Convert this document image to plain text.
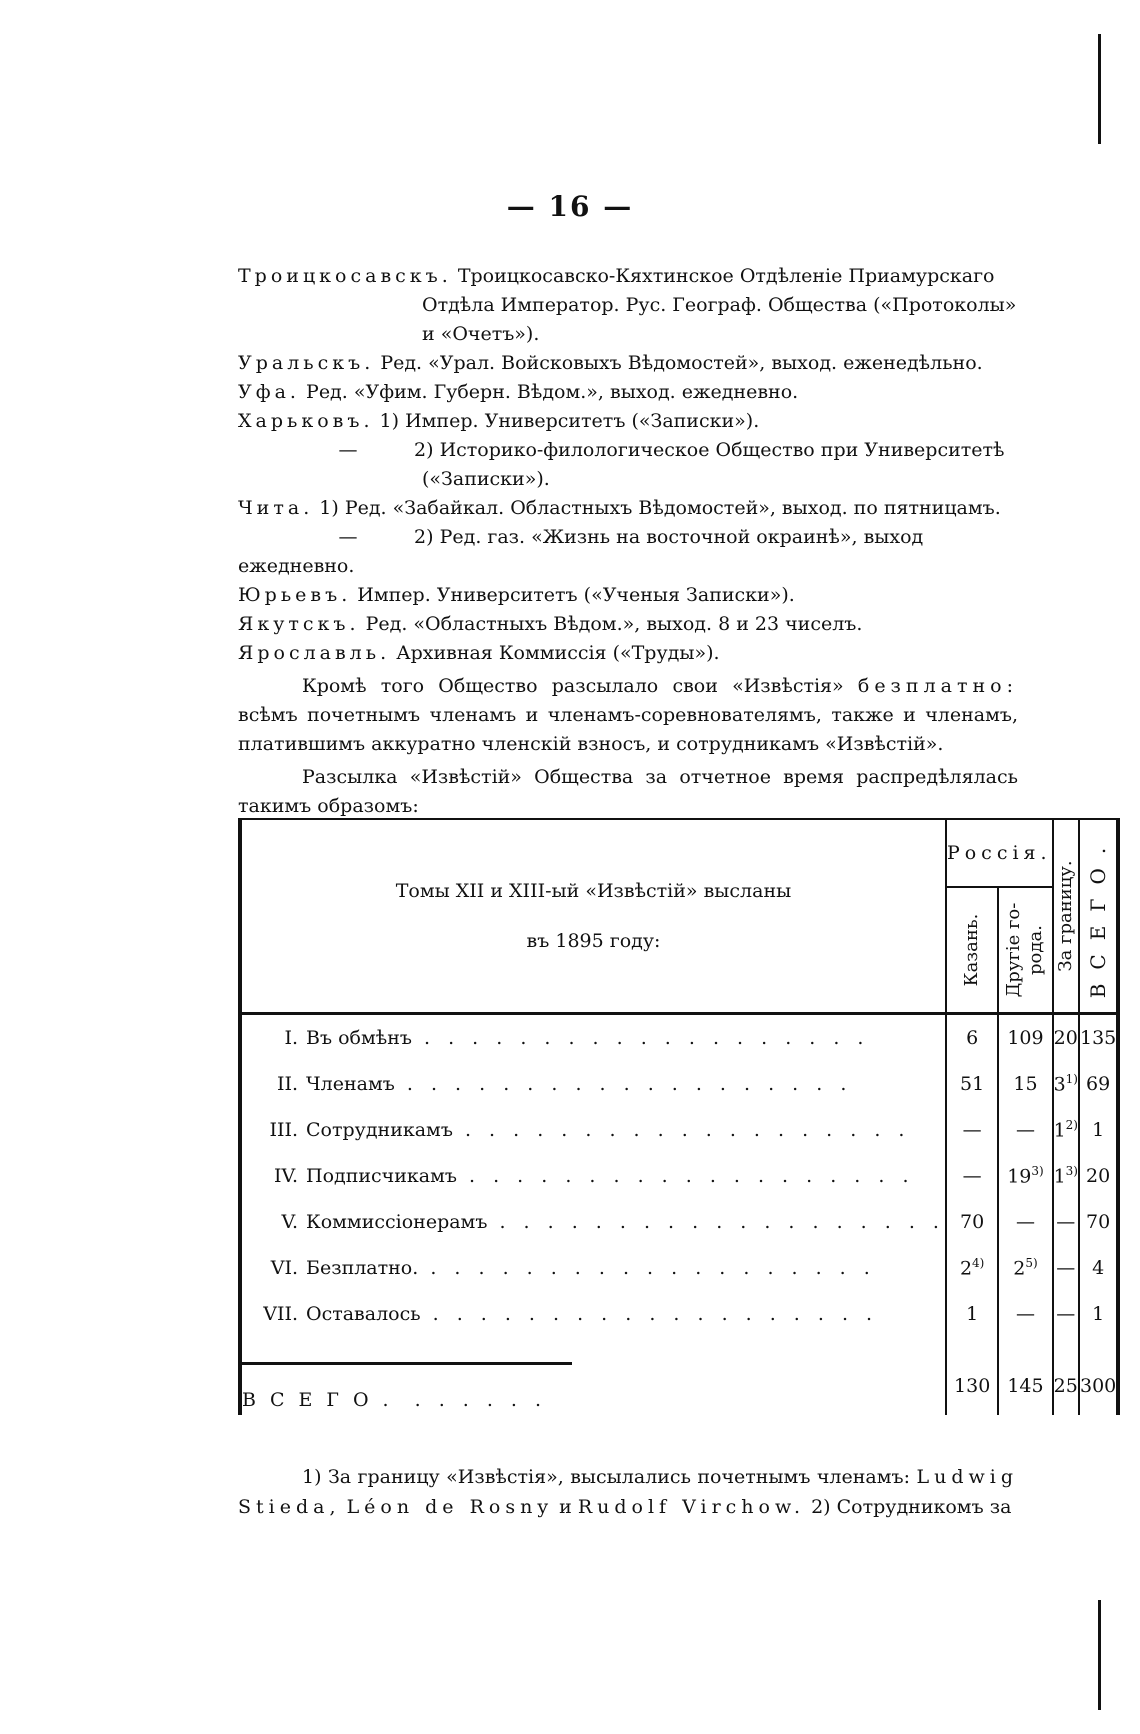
— 16 —
Троицкосавскъ. Троицкосавско-Кяхтинское Отдѣленіе Приамурскаго
Отдѣла Император. Рус. Географ. Общества («Протоколы»
и «Очетъ»).
Уральскъ. Ред. «Урал. Войсковыхъ Вѣдомостей», выход. еженедѣльно.
Уфа. Ред. «Уфим. Губерн. Вѣдом.», выход. ежедневно.
Харьковъ. 1) Импер. Университетъ («Записки»).
—	2) Историко-филологическое Общество при Университетѣ
(«Записки»).
Чита. 1) Ред. «Забайкал. Областныхъ Вѣдомостей», выход. по пятницамъ.
—	2) Ред. газ. «Жизнь на восточной окраинѣ», выход ежедневно.
Юрьевъ. Импер. Университетъ («Ученыя Записки»).
Якутскъ. Ред. «Областныхъ Вѣдом.», выход. 8 и 23 чиселъ.
Ярославль. Архивная Коммиссія («Труды»).

Кромѣ того Общество разсылало свои «Извѣстія» безплатно: всѣмъ почетнымъ членамъ и членамъ-соревнователямъ, также и членамъ, платившимъ аккуратно членскій взносъ, и сотрудникамъ «Извѣстій».

Разсылка «Извѣстій» Общества за отчетное время распредѣлялась такимъ образомъ:

Томы XII и XIII-ый «Извѣстій» высланы
въ 1895 году:	Россія.		За границу.	ВСЕГО.

	Казань.	Другіе го-
рода.		

I. Въ обмѣнъ . . . . . . . . . . . . . . . . . . .	6	109	20	135
II. Членамъ . . . . . . . . . . . . . . . . . . .	51	15	3$^{1)}$	69
III. Сотрудникамъ . . . . . . . . . . . . . . . . . . .	—	—	1$^{2)}$	1
IV. Подписчикамъ . . . . . . . . . . . . . . . . . . .	—	19$^{3)}$	1$^{3)}$	20
V. Коммиссіонерамъ . . . . . . . . . . . . . . . . . . .	70	—	—	70
VI. Безплатно. . . . . . . . . . . . . . . . . . . .	2$^{4)}$	2$^{5)}$	—	4
VII. Оставалось . . . . . . . . . . . . . . . . . . .	1	—	—	1

ВСЕГО. . . . . . .	130	145	25	300

1) За границу «Извѣстія», высылались почетнымъ членамъ: Ludwig Stieda, Léon de Rosny и Rudolf Virchow. 2) Сотрудникомъ за
